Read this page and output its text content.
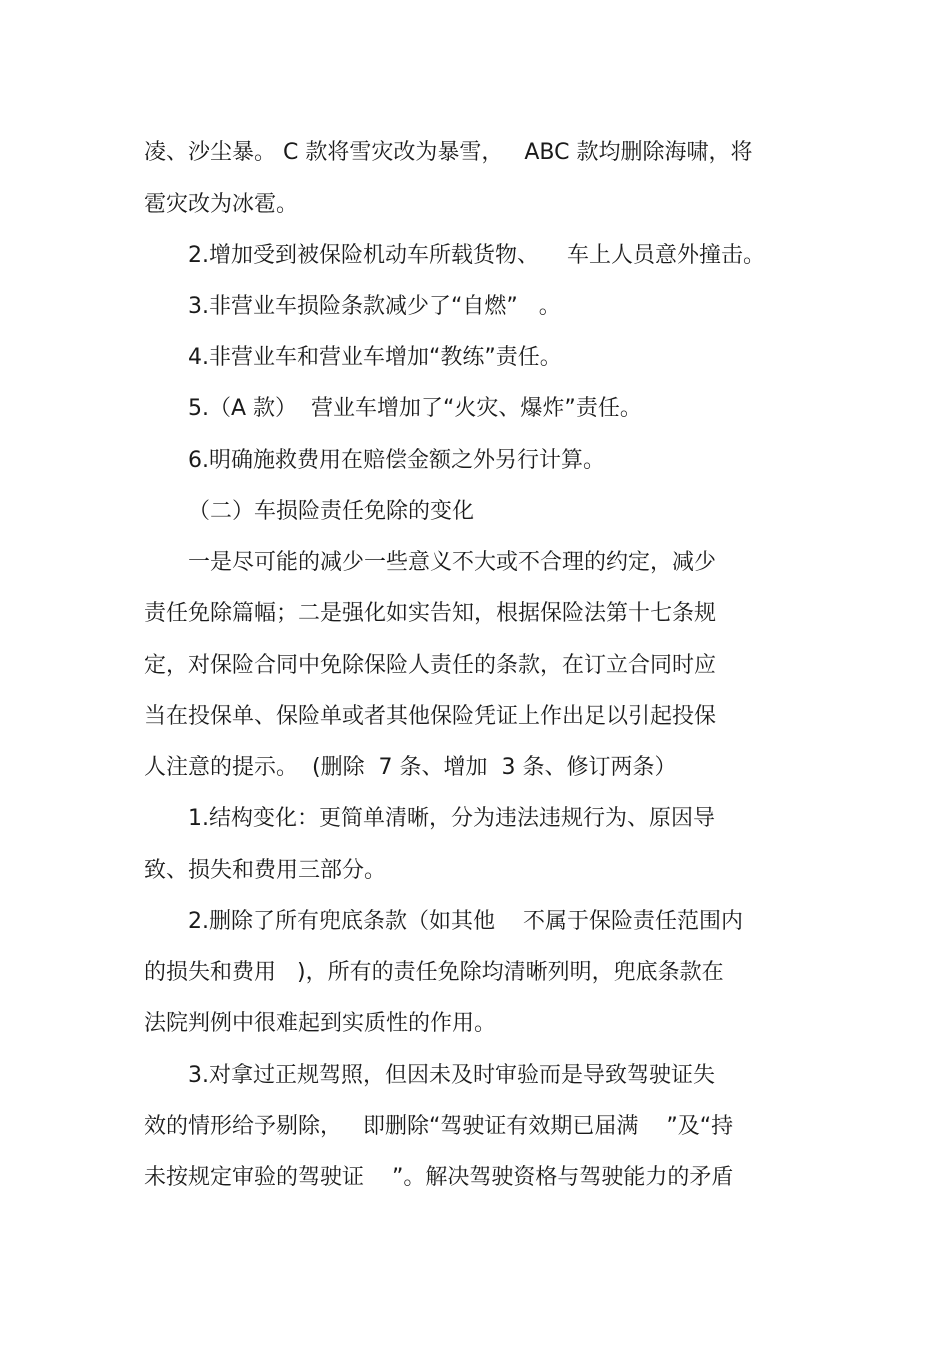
凌、沙尘暴。 C 款将雪灾改为暴雪，   ABC 款均删除海啸，将

雹灾改为冰雹。

2.增加受到被保险机动车所载货物、    车上人员意外撞击。

3.非营业车损险条款减少了“自燃”   。

4.非营业车和营业车增加“教练”责任。

5.（A 款）  营业车增加了“火灾、爆炸”责任。

6.明确施救费用在赔偿金额之外另行计算。

（二）车损险责任免除的变化

一是尽可能的减少一些意义不大或不合理的约定，减少

责任免除篇幅；二是强化如实告知，根据保险法第十七条规

定，对保险合同中免除保险人责任的条款，在订立合同时应

当在投保单、保险单或者其他保险凭证上作出足以引起投保

人注意的提示。  (删除  7 条、增加  3 条、修订两条）

1.结构变化：更简单清晰，分为违法违规行为、原因导

致、损失和费用三部分。

2.删除了所有兜底条款（如其他    不属于保险责任范围内

的损失和费用   )，所有的责任免除均清晰列明，兜底条款在

法院判例中很难起到实质性的作用。

3.对拿过正规驾照，但因未及时审验而是导致驾驶证失

效的情形给予剔除，   即删除“驾驶证有效期已届满    ”及“持

未按规定审验的驾驶证    ”。解决驾驶资格与驾驶能力的矛盾
